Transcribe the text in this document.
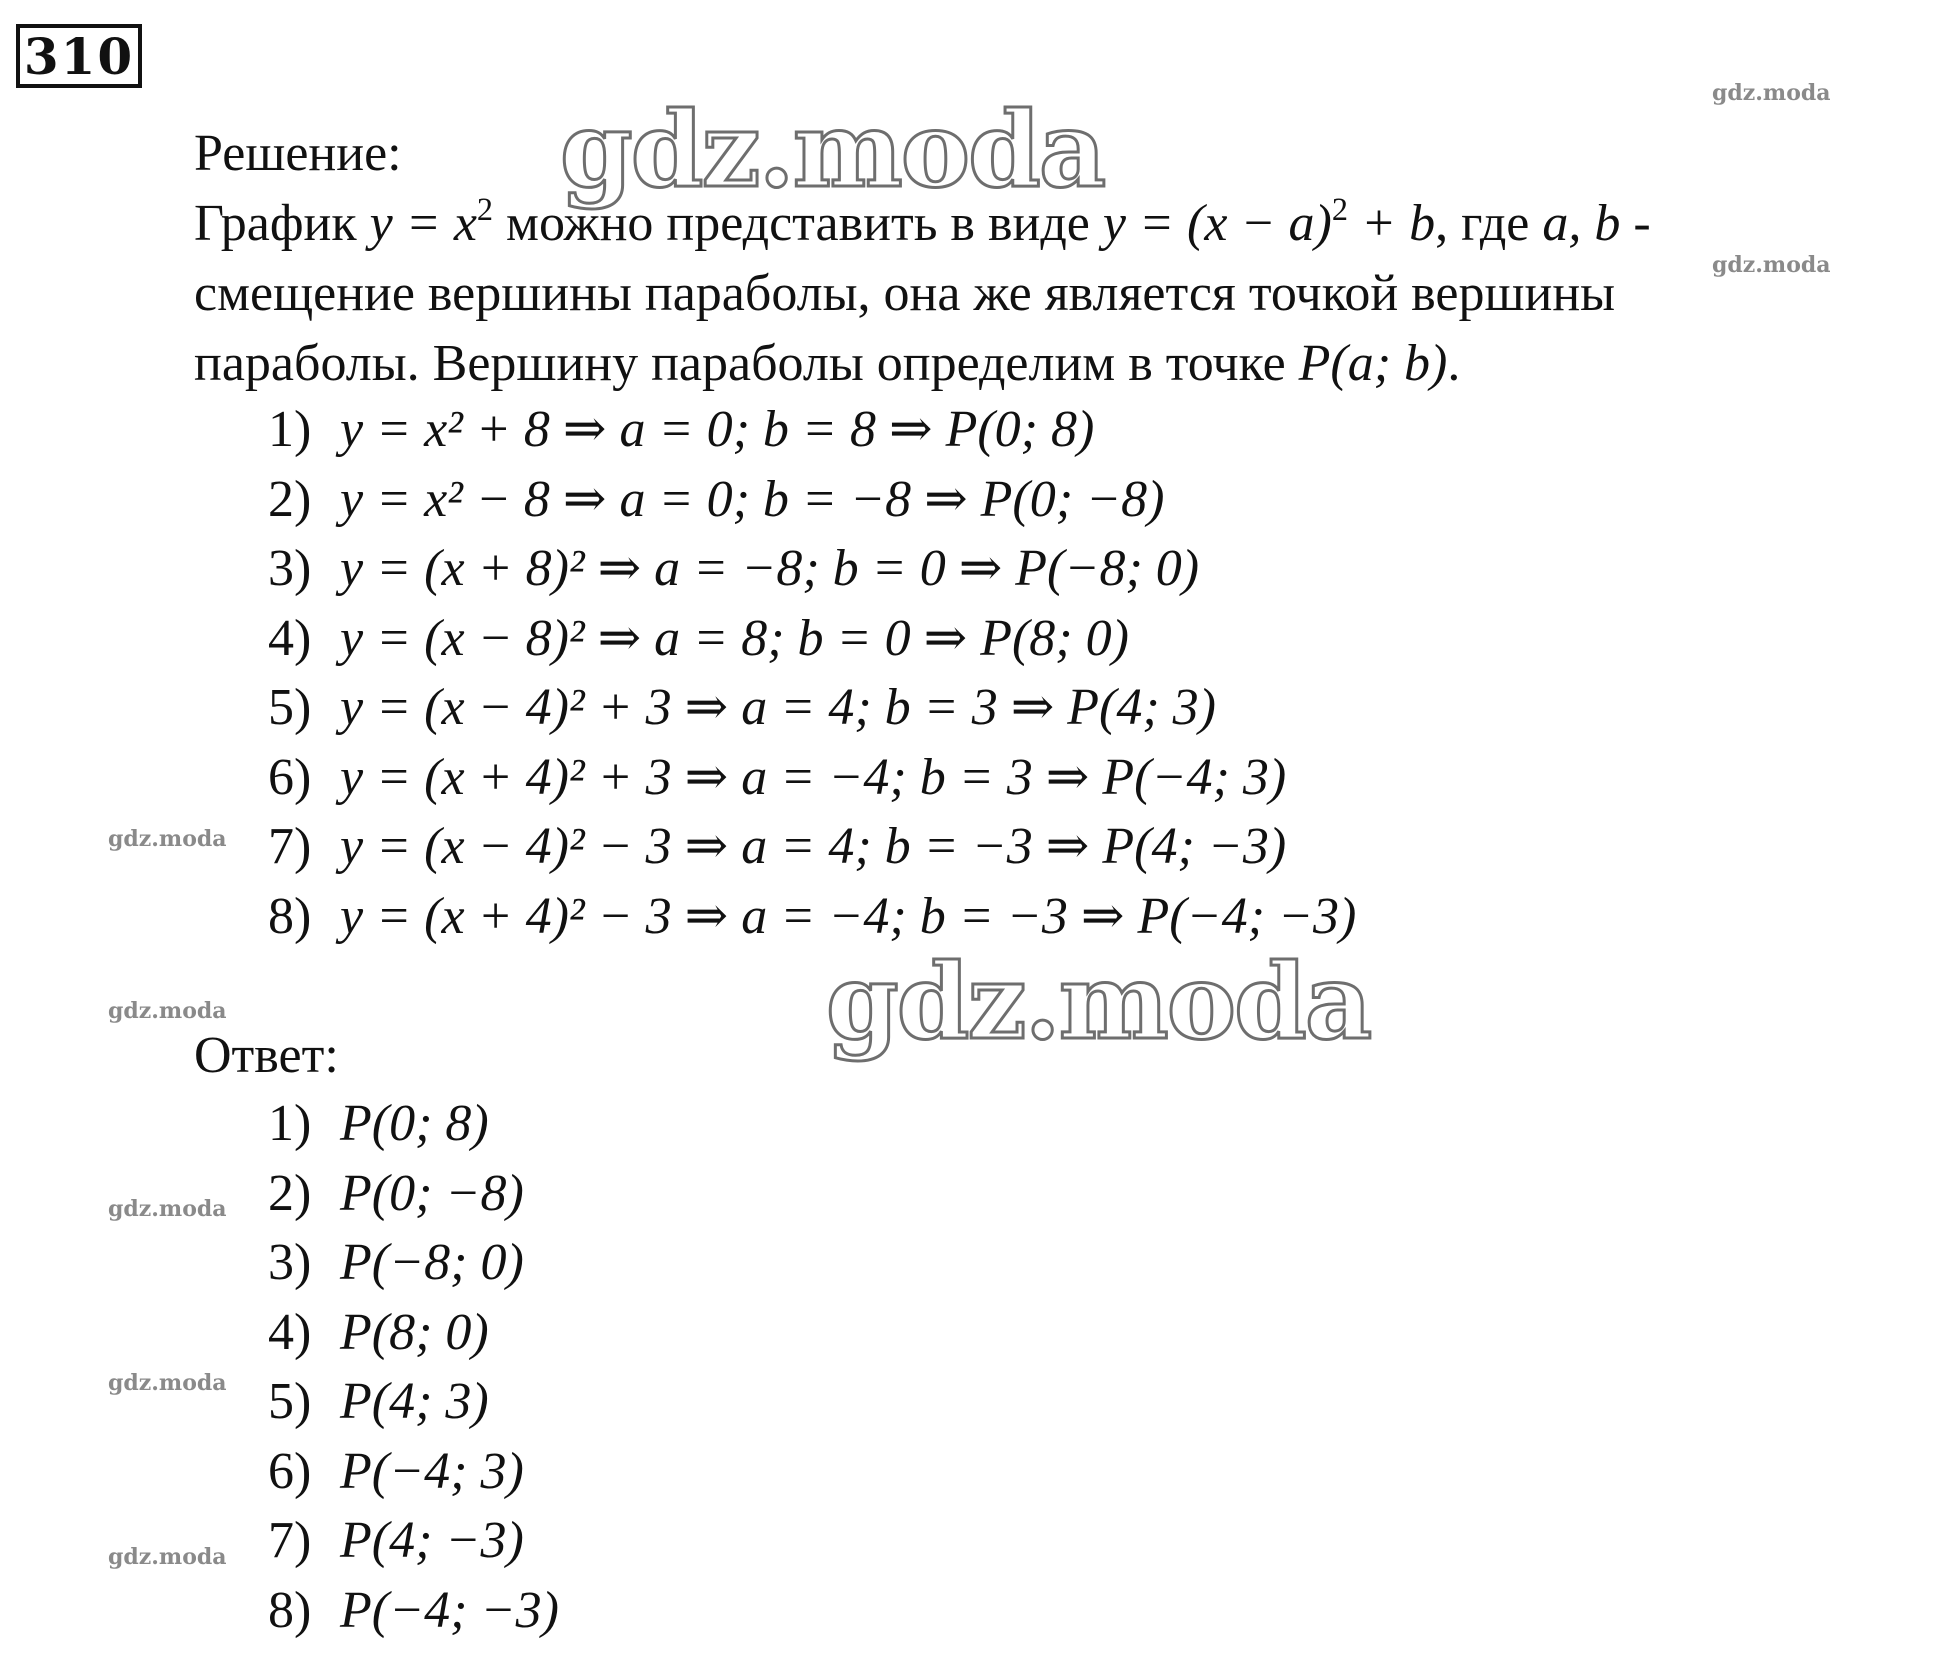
310
gdz.moda
gdz.moda
gdz.moda
gdz.moda
gdz.moda
gdz.moda
gdz.moda
gdz.moda
gdz.moda
Решение:
График $y = x^2$ можно представить в виде $y = (x - a)^2 + b$, где a, b -
смещение вершины параболы, она же является точкой вершины
параболы. Вершину параболы определим в точке P(a; b).
1) y = x² + 8 ⇒ a = 0; b = 8 ⇒ P(0; 8)
2) y = x² − 8 ⇒ a = 0; b = −8 ⇒ P(0; −8)
3) y = (x + 8)² ⇒ a = −8; b = 0 ⇒ P(−8; 0)
4) y = (x − 8)² ⇒ a = 8; b = 0 ⇒ P(8; 0)
5) y = (x − 4)² + 3 ⇒ a = 4; b = 3 ⇒ P(4; 3)
6) y = (x + 4)² + 3 ⇒ a = −4; b = 3 ⇒ P(−4; 3)
7) y = (x − 4)² − 3 ⇒ a = 4; b = −3 ⇒ P(4; −3)
8) y = (x + 4)² − 3 ⇒ a = −4; b = −3 ⇒ P(−4; −3)
Ответ:
1) P(0; 8)
2) P(0; −8)
3) P(−8; 0)
4) P(8; 0)
5) P(4; 3)
6) P(−4; 3)
7) P(4; −3)
8) P(−4; −3)
